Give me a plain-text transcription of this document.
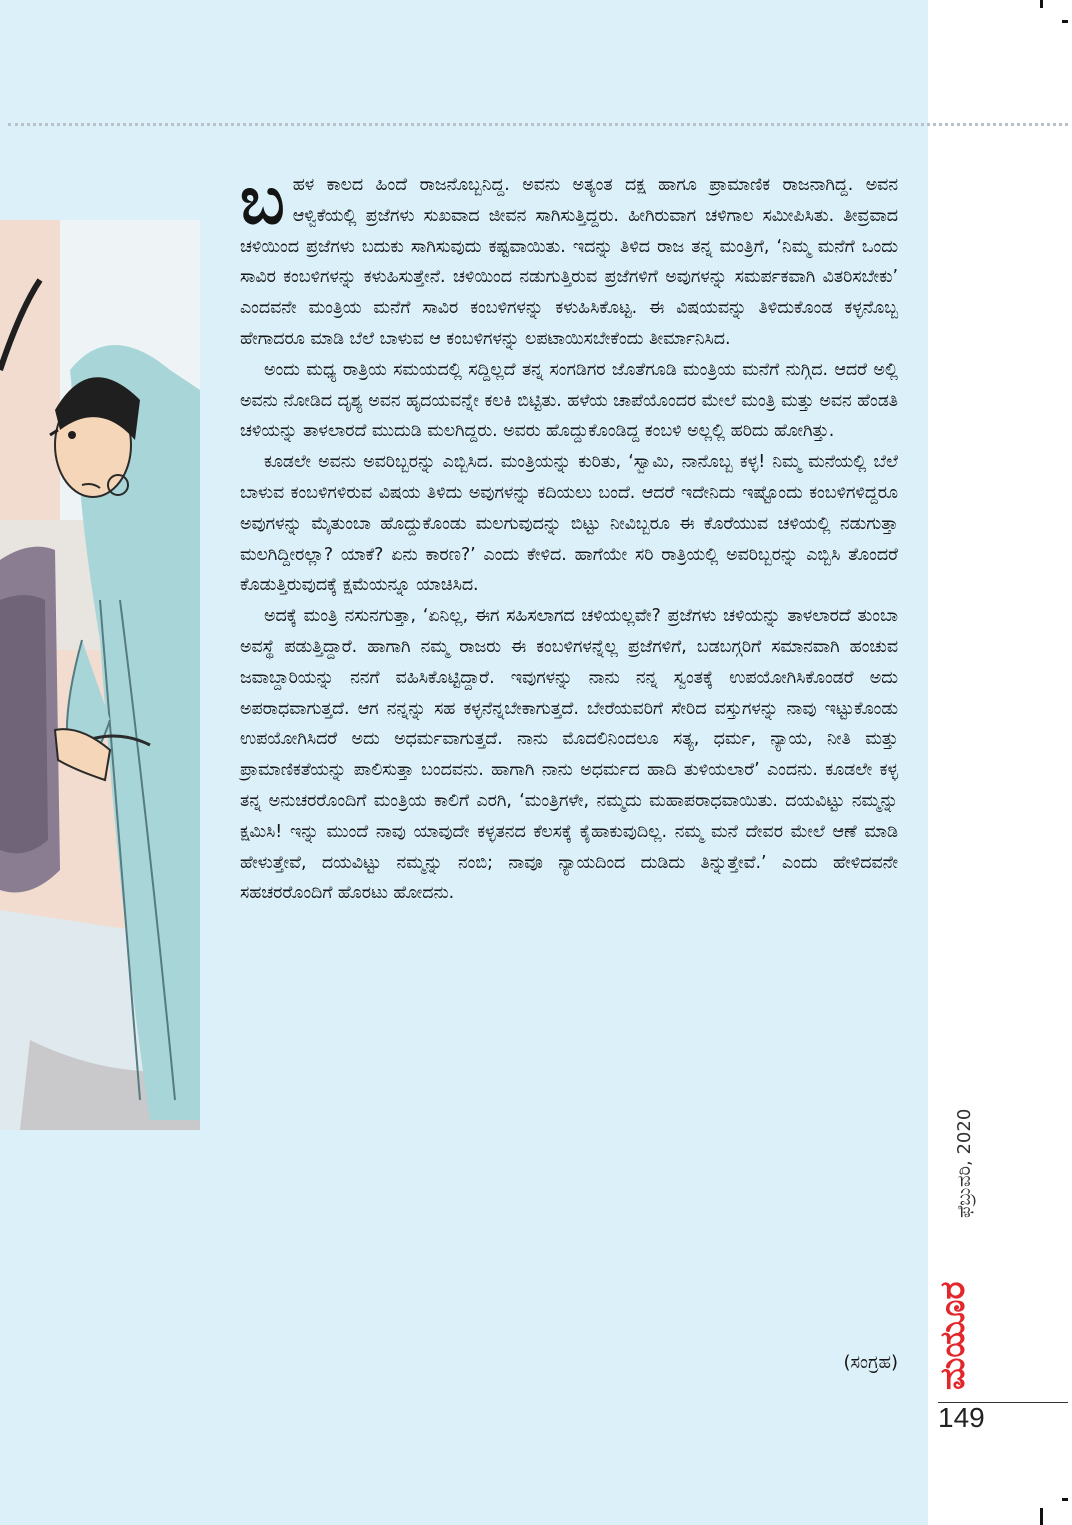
ಬಹಳ ಕಾಲದ ಹಿಂದೆ ರಾಜನೊಬ್ಬನಿದ್ದ. ಅವನು ಅತ್ಯಂತ ದಕ್ಷ ಹಾಗೂ ಪ್ರಾಮಾಣಿಕ ರಾಜನಾಗಿದ್ದ. ಅವನ ಆಳ್ವಿಕೆಯಲ್ಲಿ ಪ್ರಜೆಗಳು ಸುಖವಾದ ಜೀವನ ಸಾಗಿಸುತ್ತಿದ್ದರು. ಹೀಗಿರುವಾಗ ಚಳಿಗಾಲ ಸಮೀಪಿಸಿತು. ತೀವ್ರವಾದ ಚಳಿಯಿಂದ ಪ್ರಜೆಗಳು ಬದುಕು ಸಾಗಿಸುವುದು ಕಷ್ಟವಾಯಿತು. ಇದನ್ನು ತಿಳಿದ ರಾಜ ತನ್ನ ಮಂತ್ರಿಗೆ, ‘ನಿಮ್ಮ ಮನೆಗೆ ಒಂದು ಸಾವಿರ ಕಂಬಳಿಗಳನ್ನು ಕಳುಹಿಸುತ್ತೇನೆ. ಚಳಿಯಿಂದ ನಡುಗುತ್ತಿರುವ ಪ್ರಜೆಗಳಿಗೆ ಅವುಗಳನ್ನು ಸಮರ್ಪಕವಾಗಿ ವಿತರಿಸಬೇಕು’ ಎಂದವನೇ ಮಂತ್ರಿಯ ಮನೆಗೆ ಸಾವಿರ ಕಂಬಳಿಗಳನ್ನು ಕಳುಹಿಸಿಕೊಟ್ಟ. ಈ ವಿಷಯವನ್ನು ತಿಳಿದುಕೊಂಡ ಕಳ್ಳನೊಬ್ಬ ಹೇಗಾದರೂ ಮಾಡಿ ಬೆಲೆ ಬಾಳುವ ಆ ಕಂಬಳಿಗಳನ್ನು ಲಪಟಾಯಿಸಬೇಕೆಂದು ತೀರ್ಮಾನಿಸಿದ.

ಅಂದು ಮಧ್ಯ ರಾತ್ರಿಯ ಸಮಯದಲ್ಲಿ ಸದ್ದಿಲ್ಲದೆ ತನ್ನ ಸಂಗಡಿಗರ ಜೊತೆಗೂಡಿ ಮಂತ್ರಿಯ ಮನೆಗೆ ನುಗ್ಗಿದ. ಆದರೆ ಅಲ್ಲಿ ಅವನು ನೋಡಿದ ದೃಶ್ಯ ಅವನ ಹೃದಯವನ್ನೇ ಕಲಕಿ ಬಿಟ್ಟಿತು. ಹಳೆಯ ಚಾಪೆಯೊಂದರ ಮೇಲೆ ಮಂತ್ರಿ ಮತ್ತು ಅವನ ಹೆಂಡತಿ ಚಳಿಯನ್ನು ತಾಳಲಾರದೆ ಮುದುಡಿ ಮಲಗಿದ್ದರು. ಅವರು ಹೊದ್ದುಕೊಂಡಿದ್ದ ಕಂಬಳಿ ಅಲ್ಲಲ್ಲಿ ಹರಿದು ಹೋಗಿತ್ತು.

ಕೂಡಲೇ ಅವನು ಅವರಿಬ್ಬರನ್ನು ಎಬ್ಬಿಸಿದ. ಮಂತ್ರಿಯನ್ನು ಕುರಿತು, ‘ಸ್ವಾಮಿ, ನಾನೊಬ್ಬ ಕಳ್ಳ! ನಿಮ್ಮ ಮನೆಯಲ್ಲಿ ಬೆಲೆ ಬಾಳುವ ಕಂಬಳಿಗಳಿರುವ ವಿಷಯ ತಿಳಿದು ಅವುಗಳನ್ನು ಕದಿಯಲು ಬಂದೆ. ಆದರೆ ಇದೇನಿದು ಇಷ್ಟೊಂದು ಕಂಬಳಿಗಳಿದ್ದರೂ ಅವುಗಳನ್ನು ಮೈತುಂಬಾ ಹೊದ್ದುಕೊಂಡು ಮಲಗುವುದನ್ನು ಬಿಟ್ಟು ನೀವಿಬ್ಬರೂ ಈ ಕೊರೆಯುವ ಚಳಿಯಲ್ಲಿ ನಡುಗುತ್ತಾ ಮಲಗಿದ್ದೀರಲ್ಲಾ? ಯಾಕೆ? ಏನು ಕಾರಣ?’ ಎಂದು ಕೇಳಿದ. ಹಾಗೆಯೇ ಸರಿ ರಾತ್ರಿಯಲ್ಲಿ ಅವರಿಬ್ಬರನ್ನು ಎಬ್ಬಿಸಿ ತೊಂದರೆ ಕೊಡುತ್ತಿರುವುದಕ್ಕೆ ಕ್ಷಮೆಯನ್ನೂ ಯಾಚಿಸಿದ.

ಅದಕ್ಕೆ ಮಂತ್ರಿ ನಸುನಗುತ್ತಾ, ‘ಏನಿಲ್ಲ, ಈಗ ಸಹಿಸಲಾಗದ ಚಳಿಯಲ್ಲವೇ? ಪ್ರಜೆಗಳು ಚಳಿಯನ್ನು ತಾಳಲಾರದೆ ತುಂಬಾ ಅವಸ್ಥೆ ಪಡುತ್ತಿದ್ದಾರೆ. ಹಾಗಾಗಿ ನಮ್ಮ ರಾಜರು ಈ ಕಂಬಳಿಗಳನ್ನೆಲ್ಲ ಪ್ರಜೆಗಳಿಗೆ, ಬಡಬಗ್ಗರಿಗೆ ಸಮಾನವಾಗಿ ಹಂಚುವ ಜವಾಬ್ದಾರಿಯನ್ನು ನನಗೆ ವಹಿಸಿಕೊಟ್ಟಿದ್ದಾರೆ. ಇವುಗಳನ್ನು ನಾನು ನನ್ನ ಸ್ವಂತಕ್ಕೆ ಉಪಯೋಗಿಸಿಕೊಂಡರೆ ಅದು ಅಪರಾಧವಾಗುತ್ತದೆ. ಆಗ ನನ್ನನ್ನು ಸಹ ಕಳ್ಳನೆನ್ನಬೇಕಾಗುತ್ತದೆ. ಬೇರೆಯವರಿಗೆ ಸೇರಿದ ವಸ್ತುಗಳನ್ನು ನಾವು ಇಟ್ಟುಕೊಂಡು ಉಪಯೋಗಿಸಿದರೆ ಅದು ಅಧರ್ಮವಾಗುತ್ತದೆ. ನಾನು ಮೊದಲಿನಿಂದಲೂ ಸತ್ಯ, ಧರ್ಮ, ನ್ಯಾಯ, ನೀತಿ ಮತ್ತು ಪ್ರಾಮಾಣಿಕತೆಯನ್ನು ಪಾಲಿಸುತ್ತಾ ಬಂದವನು. ಹಾಗಾಗಿ ನಾನು ಅಧರ್ಮದ ಹಾದಿ ತುಳಿಯಲಾರೆ’ ಎಂದನು. ಕೂಡಲೇ ಕಳ್ಳ ತನ್ನ ಅನುಚರರೊಂದಿಗೆ ಮಂತ್ರಿಯ ಕಾಲಿಗೆ ಎರಗಿ, ‘ಮಂತ್ರಿಗಳೇ, ನಮ್ಮದು ಮಹಾಪರಾಧವಾಯಿತು. ದಯವಿಟ್ಟು ನಮ್ಮನ್ನು ಕ್ಷಮಿಸಿ! ಇನ್ನು ಮುಂದೆ ನಾವು ಯಾವುದೇ ಕಳ್ಳತನದ ಕೆಲಸಕ್ಕೆ ಕೈಹಾಕುವುದಿಲ್ಲ. ನಮ್ಮ ಮನೆ ದೇವರ ಮೇಲೆ ಆಣೆ ಮಾಡಿ ಹೇಳುತ್ತೇವೆ, ದಯವಿಟ್ಟು ನಮ್ಮನ್ನು ನಂಬಿ; ನಾವೂ ನ್ಯಾಯದಿಂದ ದುಡಿದು ತಿನ್ನುತ್ತೇವೆ.’ ಎಂದು ಹೇಳಿದವನೇ ಸಹಚರರೊಂದಿಗೆ ಹೊರಟು ಹೋದನು.

(ಸಂಗ್ರಹ)
ಫೆಬ್ರುವರಿ, 2020
ಮಯೂರ
149
